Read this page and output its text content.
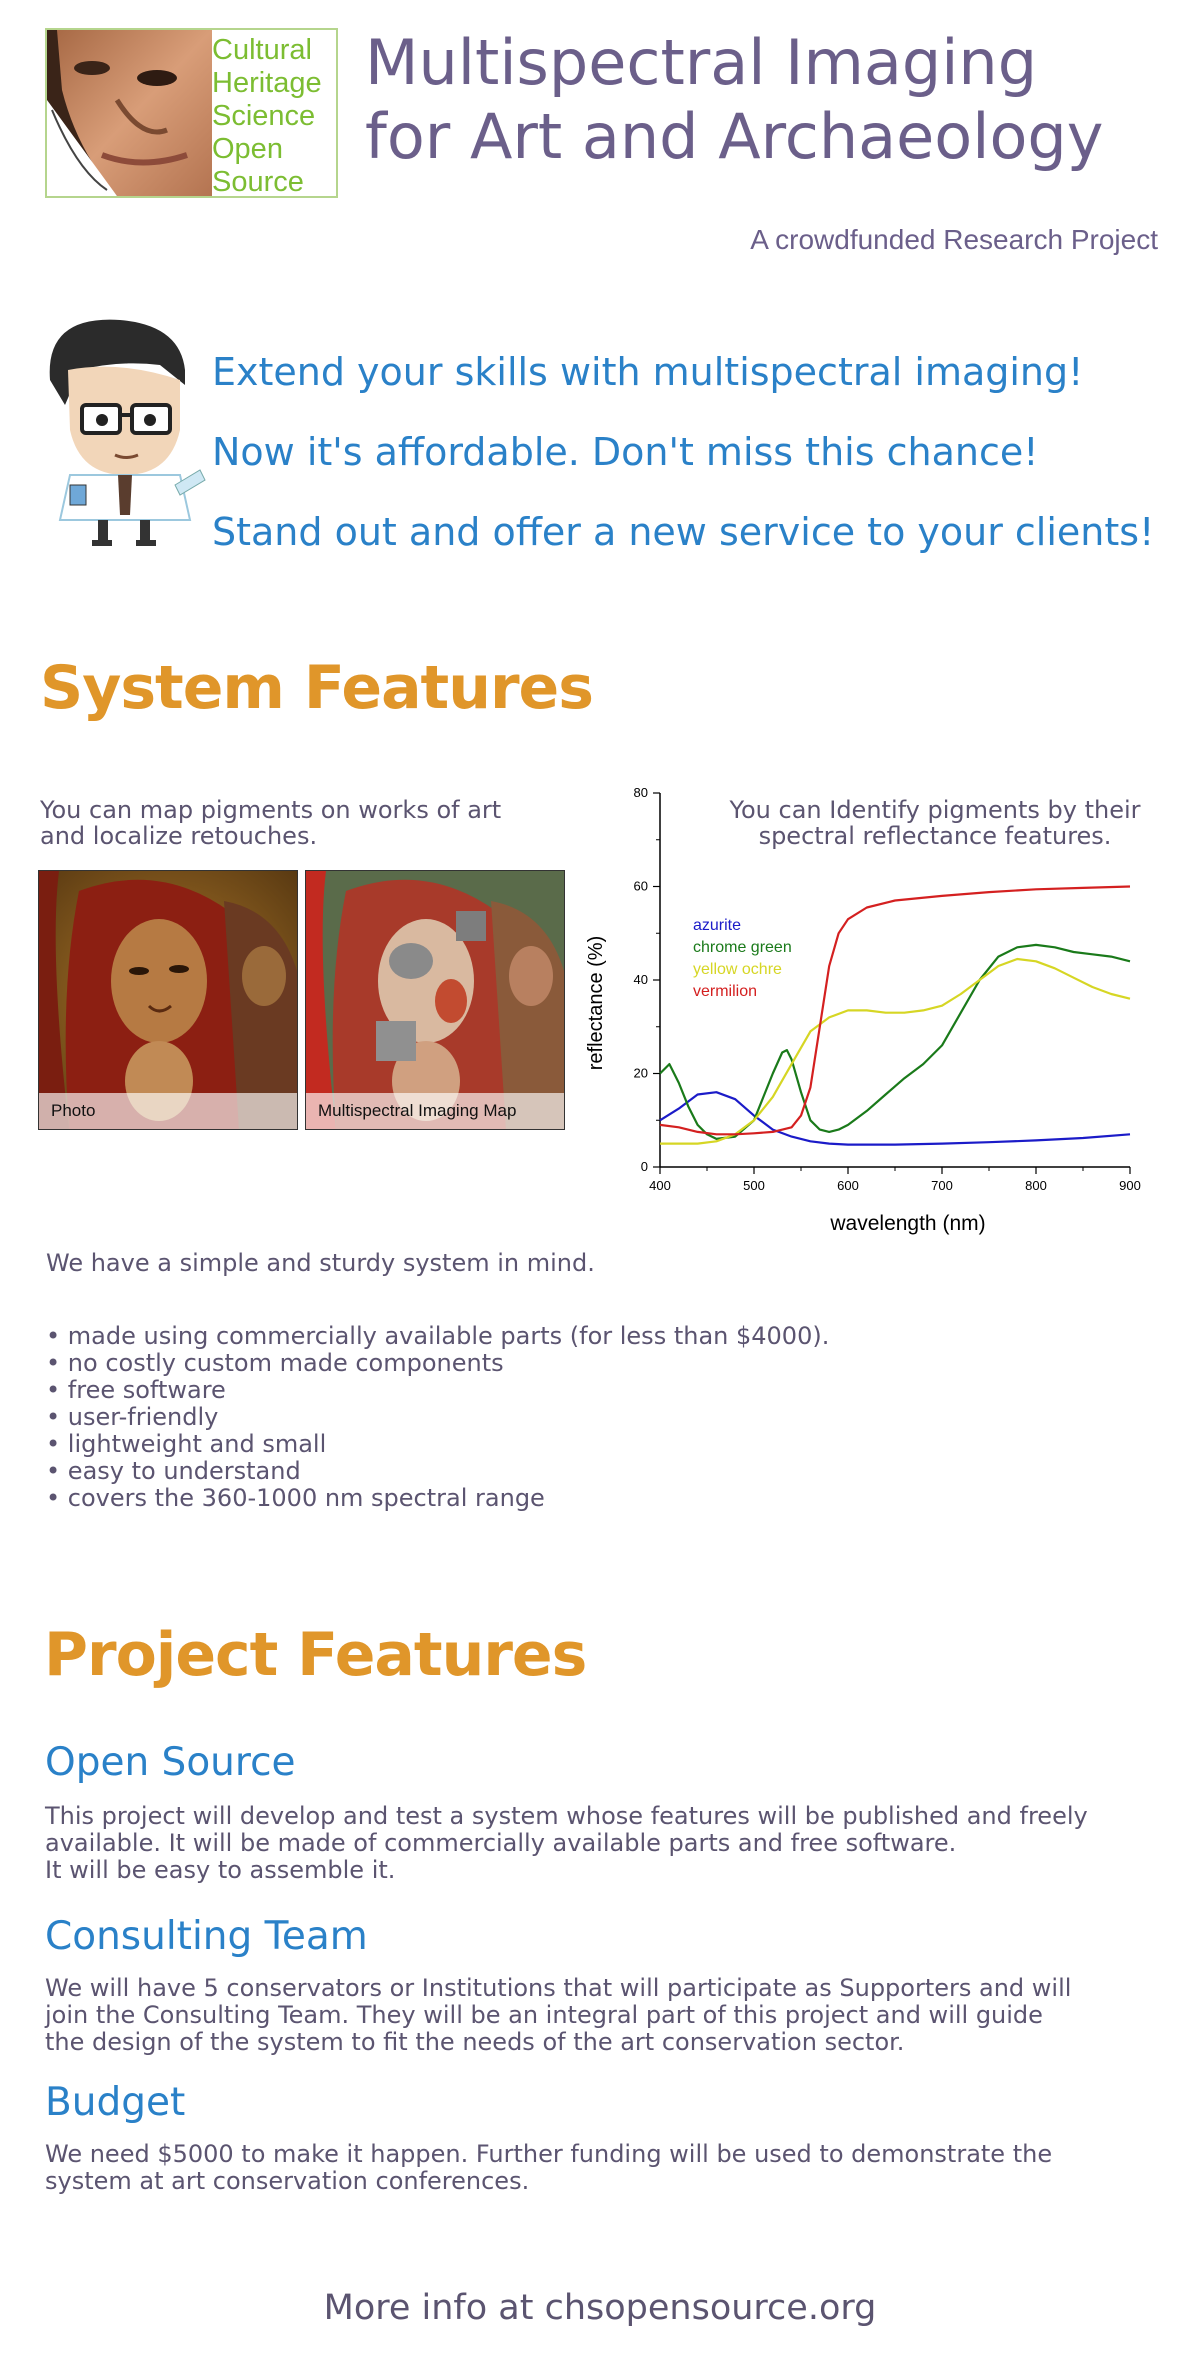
Cultural
Heritage
Science
Open
Source
Multispectral Imaging
for Art and Archaeology
A crowdfunded Research Project
Extend your skills with multispectral imaging!
Now it's affordable. Don't miss this chance!
Stand out and offer a new service to your clients!
System Features
You can map pigments on works of art
and localize retouches.
You can Identify pigments by their
spectral reflectance features.
Photo	Multispectral Imaging Map
400	500	600	700	800	900
0
20
40
60
80
azurite
chrome green
yellow ochre
vermilion
wavelength (nm)
reflectance (%)
We have a simple and sturdy system in mind.
• made using commercially available parts (for less than $4000).
• no costly custom made components
• free software
• user-friendly
• lightweight and small
• easy to understand
• covers the 360-1000 nm spectral range
Project Features
Open Source
This project will develop and test a system whose features will be published and freely
available. It will be made of commercially available parts and free software.
It will be easy to assemble it.
Consulting Team
We will have 5 conservators or Institutions that will participate as Supporters and will
join the Consulting Team. They will be an integral part of this project and will guide
the design of the system to fit the needs of the art conservation sector.
Budget
We need $5000 to make it happen. Further funding will be used to demonstrate the
system at art conservation conferences.
More info at chsopensource.org
